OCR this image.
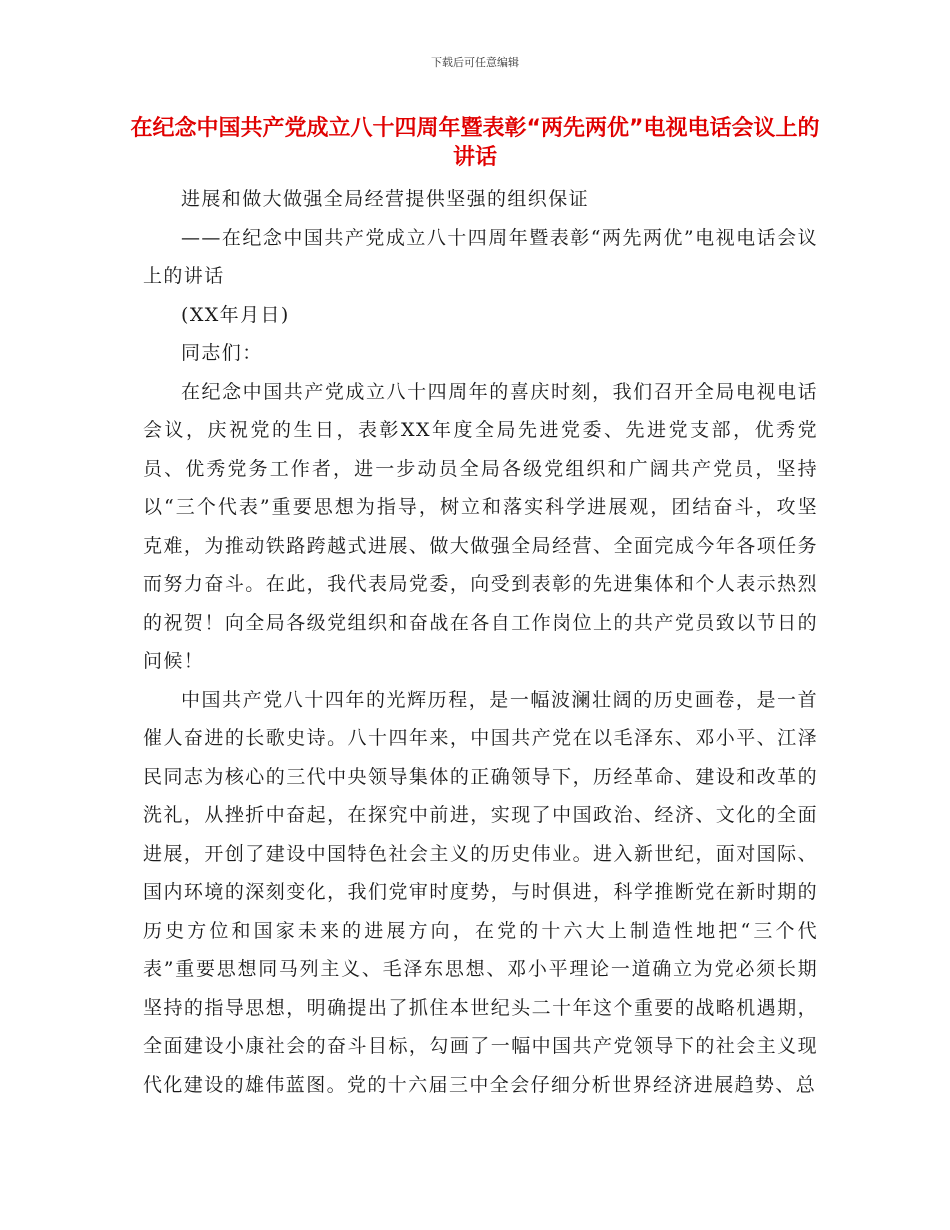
下载后可任意编辑
在纪念中国共产党成立八十四周年暨表彰“两先两优”电视电话会议上的讲话

进展和做大做强全局经营提供坚强的组织保证

——在纪念中国共产党成立八十四周年暨表彰“两先两优”电视电话会议上的讲话

(XX年月日)

同志们：

在纪念中国共产党成立八十四周年的喜庆时刻，我们召开全局电视电话会议，庆祝党的生日，表彰XX年度全局先进党委、先进党支部，优秀党员、优秀党务工作者，进一步动员全局各级党组织和广阔共产党员，坚持以“三个代表”重要思想为指导，树立和落实科学进展观，团结奋斗，攻坚克难，为推动铁路跨越式进展、做大做强全局经营、全面完成今年各项任务而努力奋斗。在此，我代表局党委，向受到表彰的先进集体和个人表示热烈的祝贺！向全局各级党组织和奋战在各自工作岗位上的共产党员致以节日的问候！

中国共产党八十四年的光辉历程，是一幅波澜壮阔的历史画卷，是一首催人奋进的长歌史诗。八十四年来，中国共产党在以毛泽东、邓小平、江泽民同志为核心的三代中央领导集体的正确领导下，历经革命、建设和改革的洗礼，从挫折中奋起，在探究中前进，实现了中国政治、经济、文化的全面进展，开创了建设中国特色社会主义的历史伟业。进入新世纪，面对国际、国内环境的深刻变化，我们党审时度势，与时俱进，科学推断党在新时期的历史方位和国家未来的进展方向，在党的十六大上制造性地把“三个代表”重要思想同马列主义、毛泽东思想、邓小平理论一道确立为党必须长期坚持的指导思想，明确提出了抓住本世纪头二十年这个重要的战略机遇期，全面建设小康社会的奋斗目标，勾画了一幅中国共产党领导下的社会主义现代化建设的雄伟蓝图。党的十六届三中全会仔细分析世界经济进展趋势、总
